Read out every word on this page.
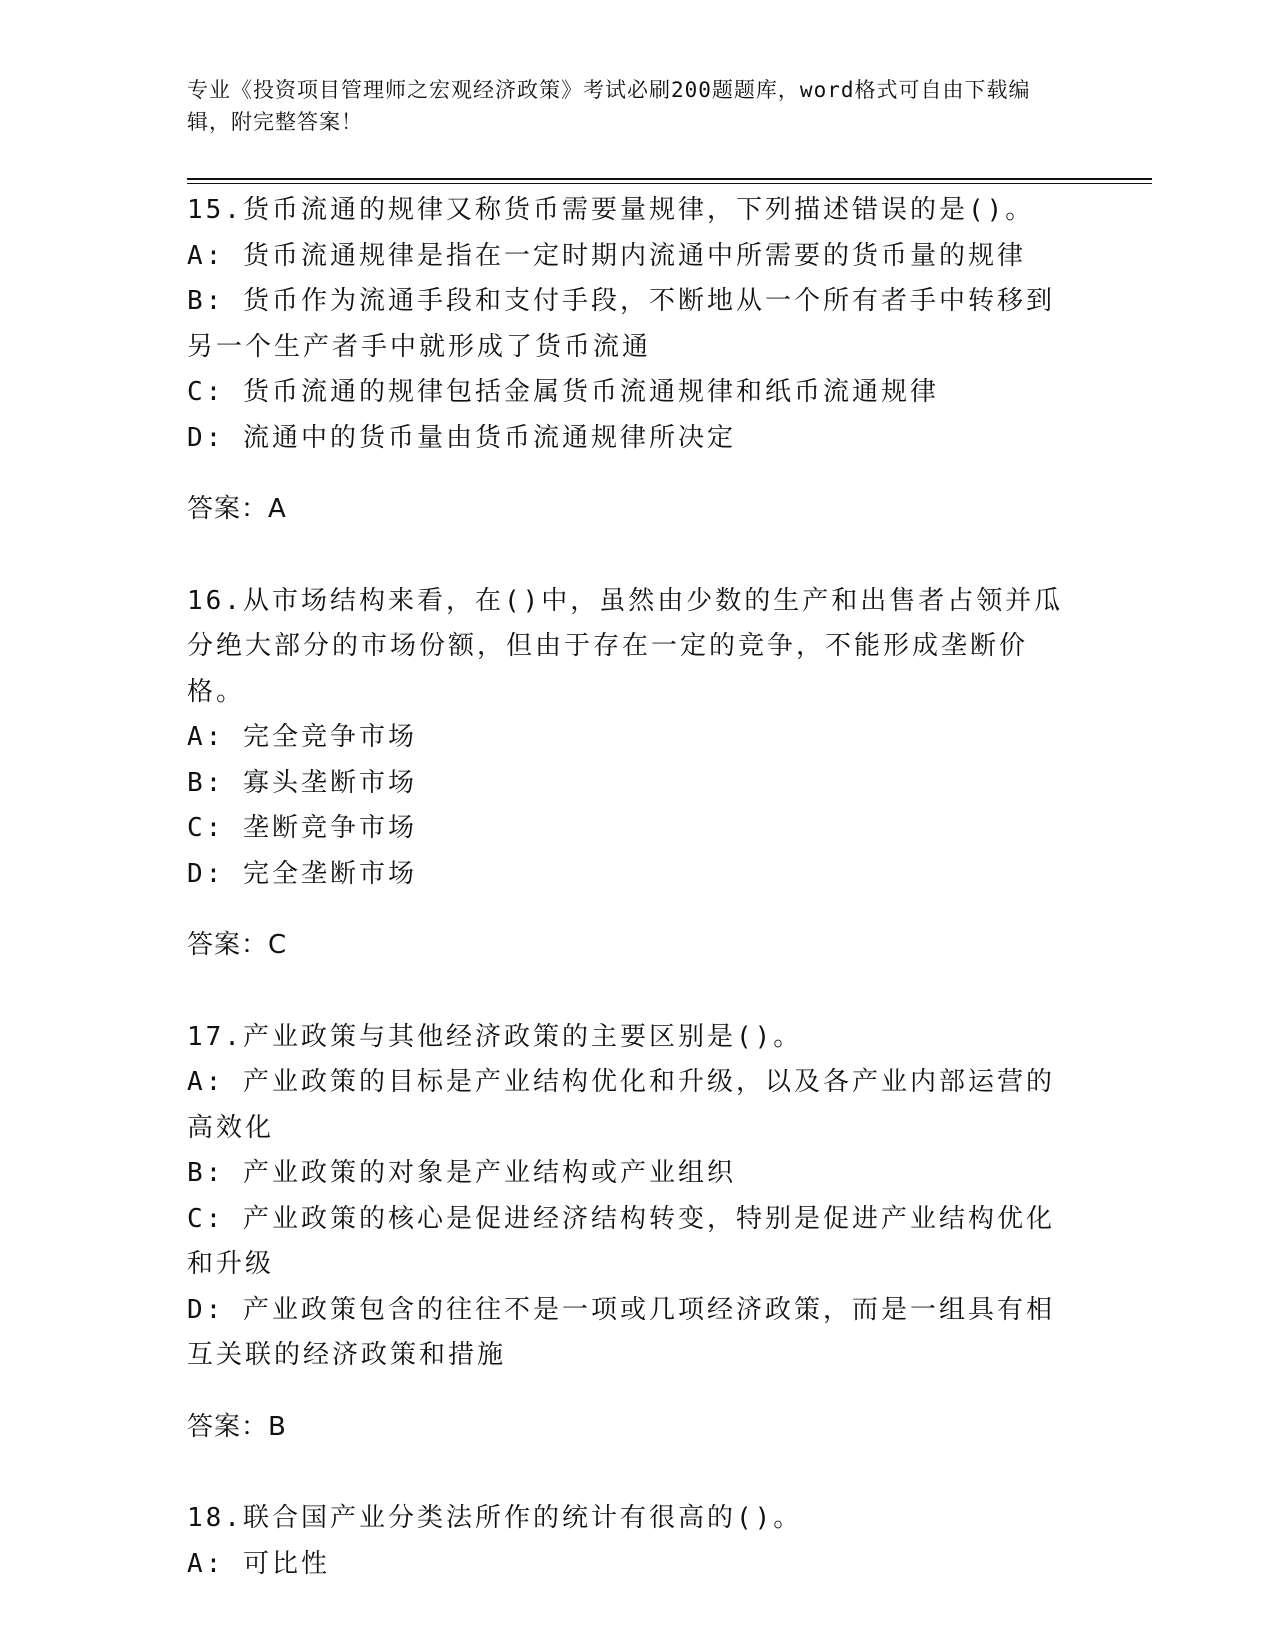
专业《投资项目管理师之宏观经济政策》考试必刷200题题库，word格式可自由下载编辑，附完整答案！

15.货币流通的规律又称货币需要量规律，下列描述错误的是()。

A: 货币流通规律是指在一定时期内流通中所需要的货币量的规律

B: 货币作为流通手段和支付手段，不断地从一个所有者手中转移到另一个生产者手中就形成了货币流通

C: 货币流通的规律包括金属货币流通规律和纸币流通规律

D: 流通中的货币量由货币流通规律所决定

答案：A

16.从市场结构来看，在()中，虽然由少数的生产和出售者占领并瓜分绝大部分的市场份额，但由于存在一定的竞争，不能形成垄断价格。

A: 完全竞争市场

B: 寡头垄断市场

C: 垄断竞争市场

D: 完全垄断市场

答案：C

17.产业政策与其他经济政策的主要区别是()。

A: 产业政策的目标是产业结构优化和升级，以及各产业内部运营的高效化

B: 产业政策的对象是产业结构或产业组织

C: 产业政策的核心是促进经济结构转变，特别是促进产业结构优化和升级

D: 产业政策包含的往往不是一项或几项经济政策，而是一组具有相互关联的经济政策和措施

答案：B

18.联合国产业分类法所作的统计有很高的()。

A: 可比性
